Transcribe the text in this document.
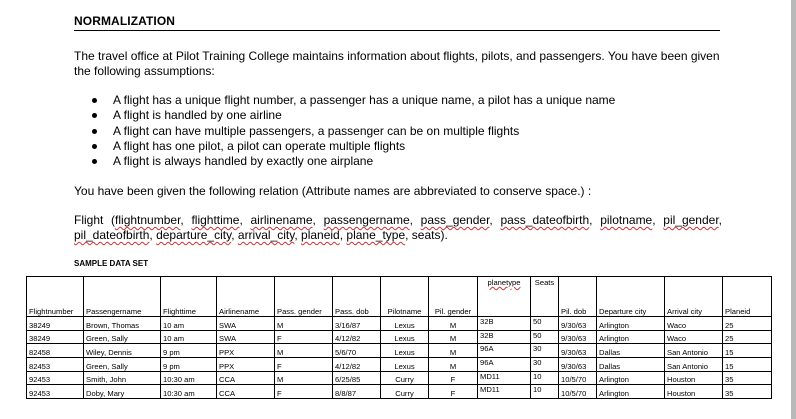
NORMALIZATION
The travel office at Pilot Training College maintains information about flights, pilots, and passengers. You have been given the following assumptions:
A flight has a unique flight number, a passenger has a unique name, a pilot has a unique name
A flight is handled by one airline
A flight can have multiple passengers, a passenger can be on multiple flights
A flight has one pilot, a pilot can operate multiple flights
A flight is always handled by exactly one airplane
You have been given the following relation (Attribute names are abbreviated to conserve space.) :
Flight (flightnumber, flighttime, airlinename, passengername, pass_gender, pass_dateofbirth, pilotname, pil_gender, pil_dateofbirth, departure_city, arrival_city, planeid, plane_type, seats).
SAMPLE DATA SET
								planetype	Seats				
Flightnumber	Passengername	Flighttime	Airlinename	Pass. gender	Pass. dob	Pilotname	Pil. gender			Pil. dob	Departure city	Arrival city	Planeid
38249	Brown, Thomas	10 am	SWA	M	3/16/87	Lexus	M	32B	50	9/30/63	Arlington	Waco	25
38249	Green, Sally	10 am	SWA	F	4/12/82	Lexus	M	32B	50	9/30/63	Arlington	Waco	25
82458	Wiley, Dennis	9 pm	PPX	M	5/6/70	Lexus	M	96A	30	9/30/63	Dallas	San Antonio	15
82453	Green, Sally	9 pm	PPX	F	4/12/82	Lexus	M	96A	30	9/30/63	Dallas	San Antonio	15
92453	Smith, John	10:30 am	CCA	M	6/25/85	Curry	F	MD11	10	10/5/70	Arlington	Houston	35
92453	Doby, Mary	10:30 am	CCA	F	8/8/87	Curry	F	MD11	10	10/5/70	Arlington	Houston	35
